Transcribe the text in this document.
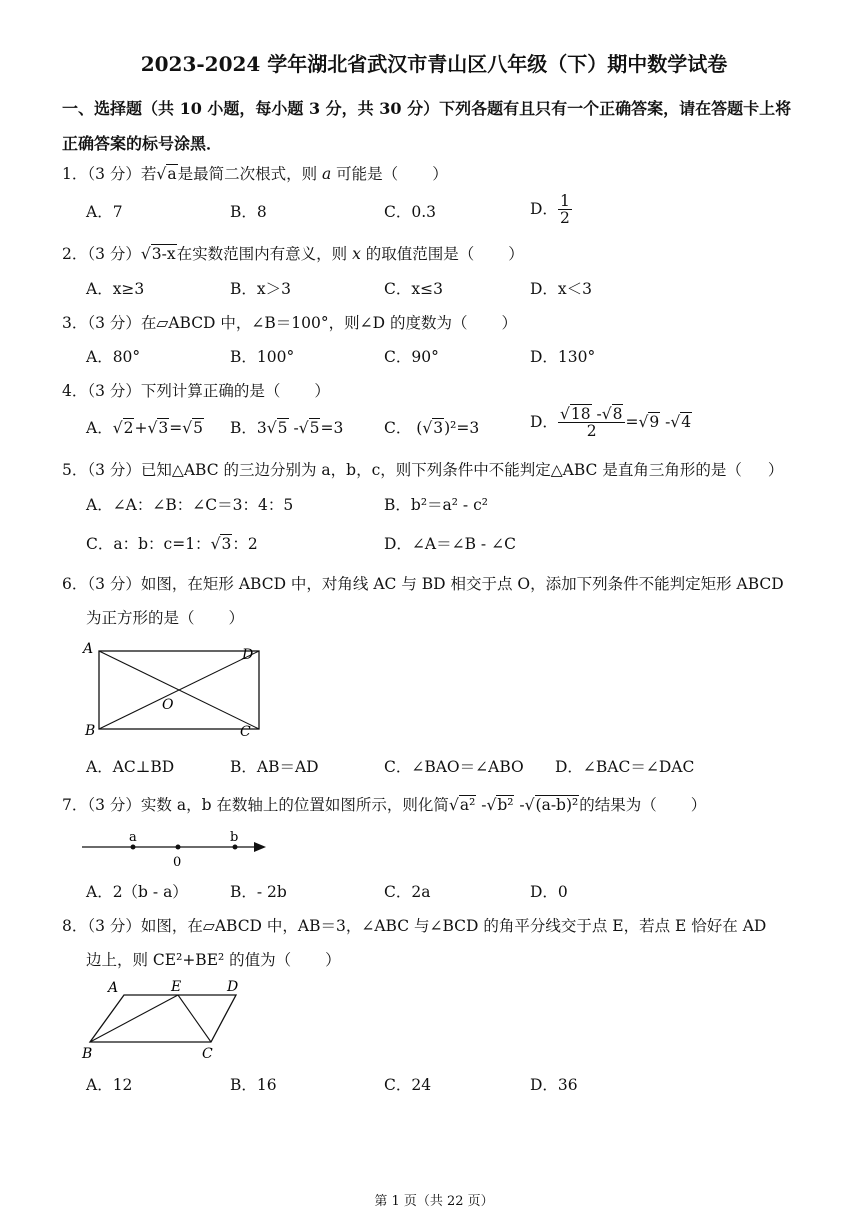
2023-2024 学年湖北省武汉市青山区八年级（下）期中数学试卷
一、选择题（共 10 小题，每小题 3 分，共 30 分）下列各题有且只有一个正确答案，请在答题卡上将
正确答案的标号涂黑．
1．（3 分）若√a是最简二次根式，则 a 可能是（ ）
A．7	B．8	C．0.3	D． $\frac{1}{2}$
2．（3 分）√3-x在实数范围内有意义，则 x 的取值范围是（ ）
A．x≥3	B．x＞3	C．x≤3	D．x＜3
3．（3 分）在▱ABCD 中，∠B＝100°，则∠D 的度数为（ ）
A．80°	B．100°	C．90°	D．130°
4．（3 分）下列计算正确的是（ ）
A．√2+√3=√5 B．3√5 -√5=3	C． (√3)²=3	D． $\frac{√18 -√8}{2} =√9$ -√4
5．（3 分）已知△ABC 的三边分别为 a，b，c，则下列条件中不能判定△ABC 是直角三角形的是（ ）
A．∠A：∠B：∠C＝3：4：5	B．b²＝a² - c²
C．a：b：c=1：√3：2	D．∠A＝∠B - ∠C
6．（3 分）如图，在矩形 ABCD 中，对角线 AC 与 BD 相交于点 O，添加下列条件不能判定矩形 ABCD
为正方形的是（ ）
A	D
B	C
O
A．AC⊥BD	B．AB＝AD	C．∠BAO＝∠ABO D．∠BAC＝∠DAC
7．（3 分）实数 a，b 在数轴上的位置如图所示，则化简√a² -√b² -√(a-b)²的结果为（ ）
a
0
b
A．2（b - a）	B．- 2b	C．2a	D．0
8．（3 分）如图，在▱ABCD 中，AB＝3，∠ABC 与∠BCD 的角平分线交于点 E，若点 E 恰好在 AD
边上，则 CE²+BE² 的值为（ ）
A	E	D
B	C
A．12	B．16	C．24	D．36
第 1 页（共 22 页）
